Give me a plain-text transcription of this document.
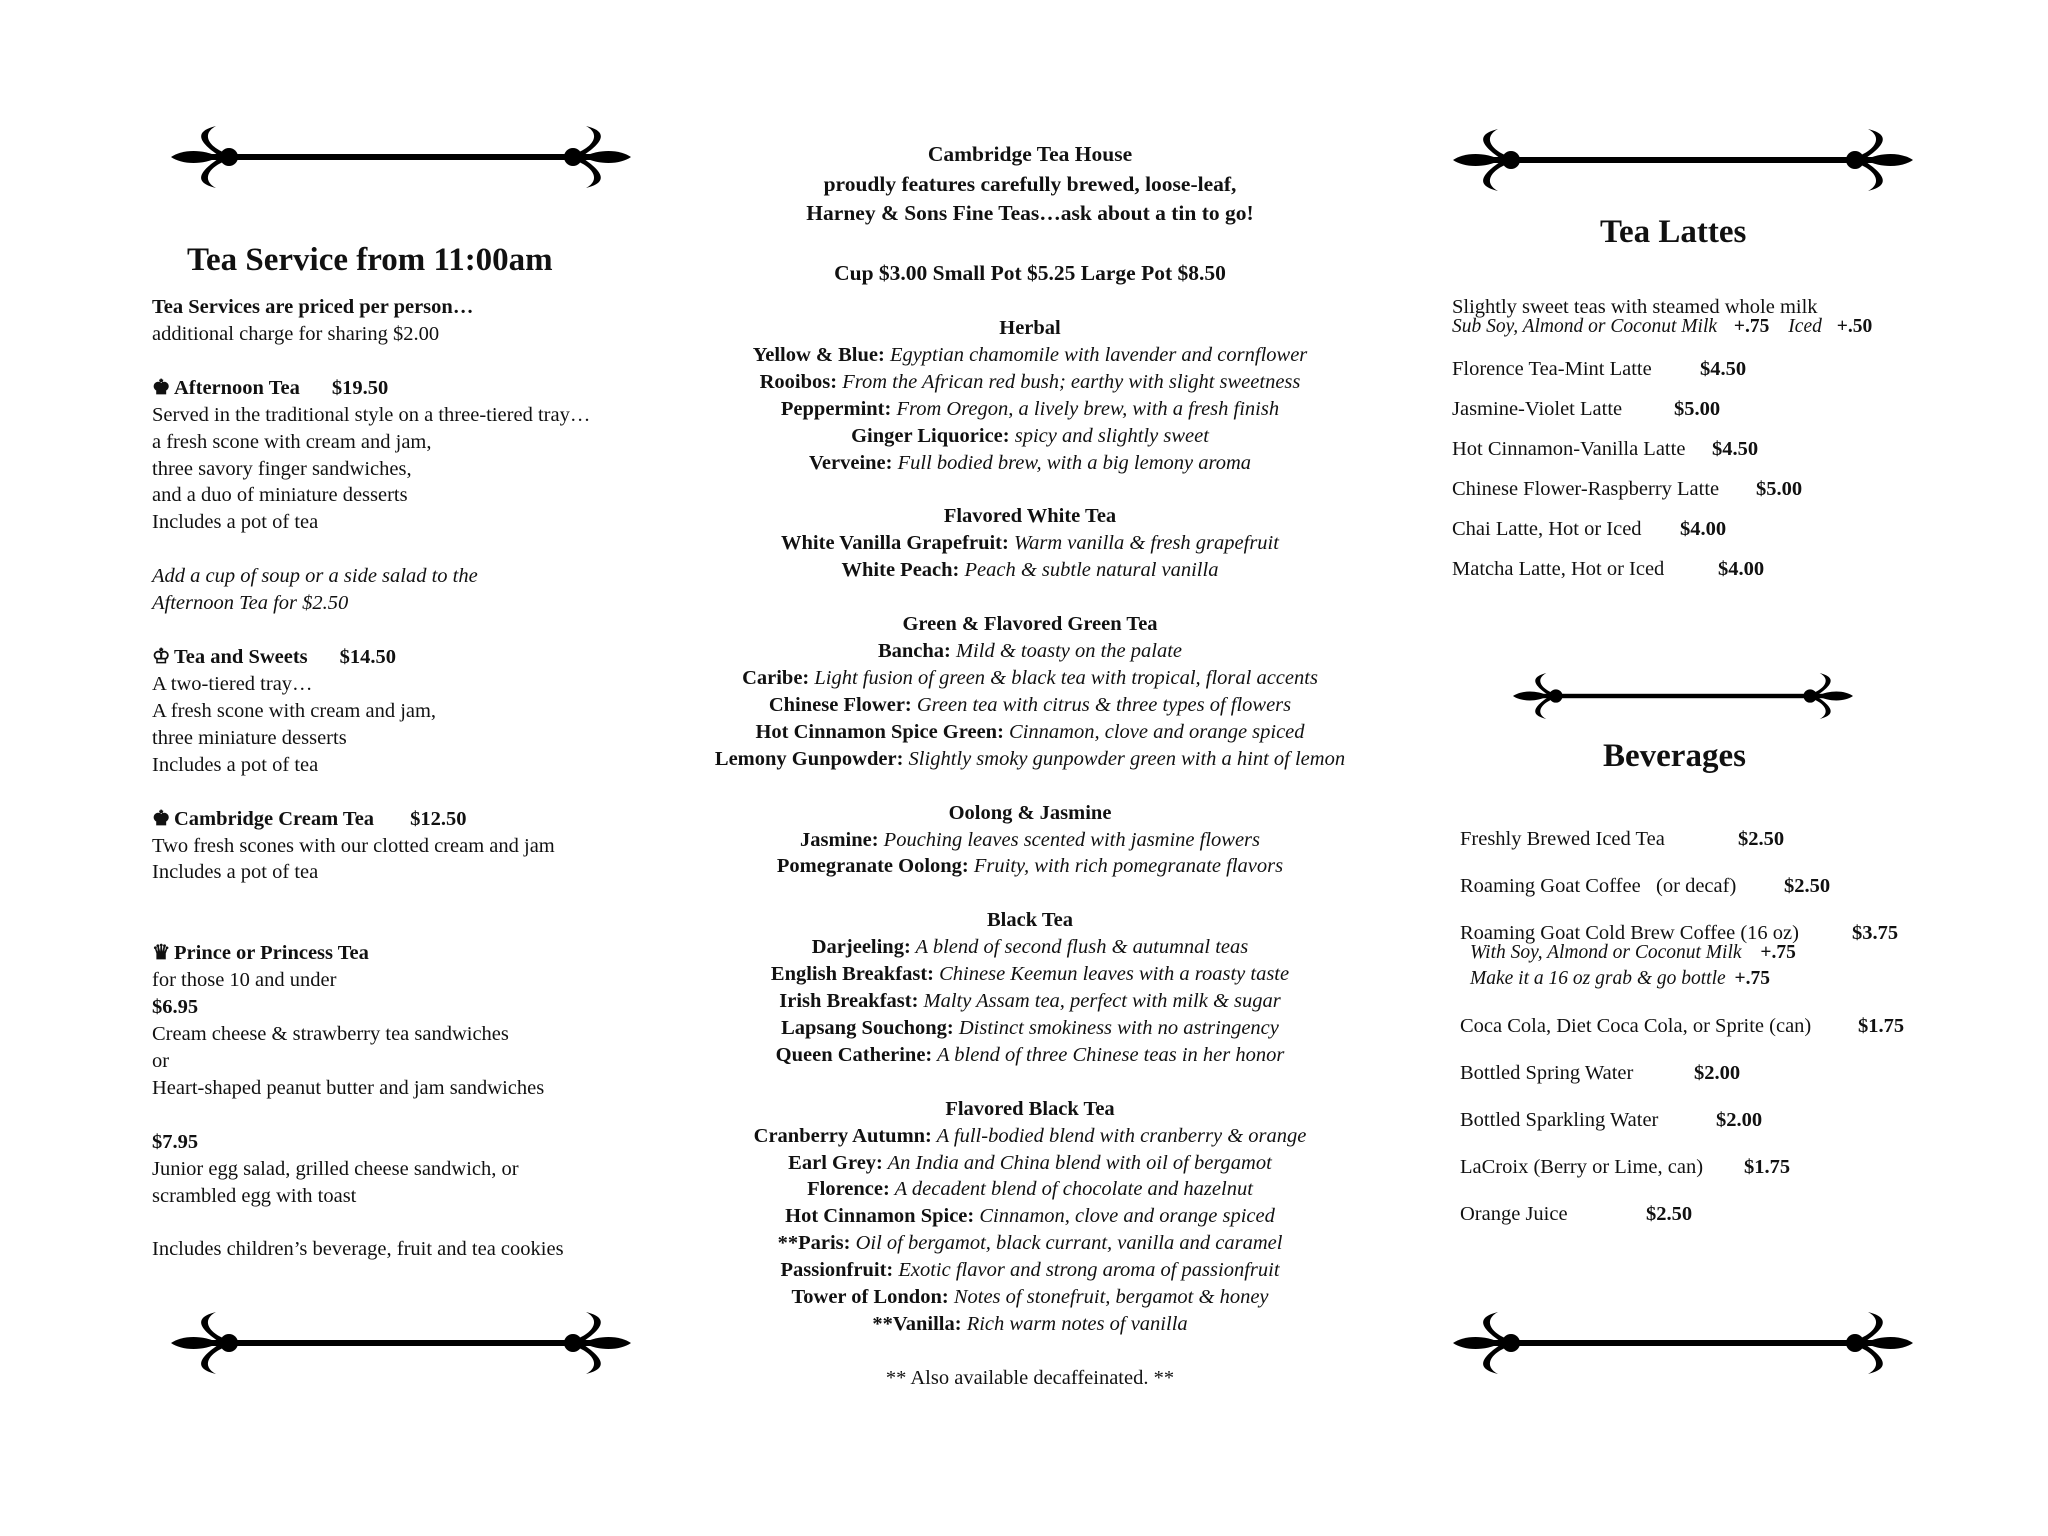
Tea Service from 11:00am
Tea Services are priced per person…
additional charge for sharing $2.00
♚ Afternoon Tea $19.50
Served in the traditional style on a three-tiered tray…
a fresh scone with cream and jam,
three savory finger sandwiches,
and a duo of miniature desserts
Includes a pot of tea
Add a cup of soup or a side salad to the
Afternoon Tea for $2.50
♔ Tea and Sweets $14.50
A two-tiered tray…
A fresh scone with cream and jam,
three miniature desserts
Includes a pot of tea
♚ Cambridge Cream Tea $12.50
Two fresh scones with our clotted cream and jam
Includes a pot of tea
♛ Prince or Princess Tea
for those 10 and under
$6.95
Cream cheese & strawberry tea sandwiches
or
Heart-shaped peanut butter and jam sandwiches
$7.95
Junior egg salad, grilled cheese sandwich, or
scrambled egg with toast
Includes children’s beverage, fruit and tea cookies
Cambridge Tea House
proudly features carefully brewed, loose-leaf,
Harney & Sons Fine Teas…ask about a tin to go!
Cup $3.00 Small Pot $5.25 Large Pot $8.50
Herbal
Yellow & Blue: Egyptian chamomile with lavender and cornflower
Rooibos: From the African red bush; earthy with slight sweetness
Peppermint: From Oregon, a lively brew, with a fresh finish
Ginger Liquorice: spicy and slightly sweet
Verveine: Full bodied brew, with a big lemony aroma
Flavored White Tea
White Vanilla Grapefruit: Warm vanilla & fresh grapefruit
White Peach: Peach & subtle natural vanilla
Green & Flavored Green Tea
Bancha: Mild & toasty on the palate
Caribe: Light fusion of green & black tea with tropical, floral accents
Chinese Flower: Green tea with citrus & three types of flowers
Hot Cinnamon Spice Green: Cinnamon, clove and orange spiced
Lemony Gunpowder: Slightly smoky gunpowder green with a hint of lemon
Oolong & Jasmine
Jasmine: Pouching leaves scented with jasmine flowers
Pomegranate Oolong: Fruity, with rich pomegranate flavors
Black Tea
Darjeeling: A blend of second flush & autumnal teas
English Breakfast: Chinese Keemun leaves with a roasty taste
Irish Breakfast: Malty Assam tea, perfect with milk & sugar
Lapsang Souchong: Distinct smokiness with no astringency
Queen Catherine: A blend of three Chinese teas in her honor
Flavored Black Tea
Cranberry Autumn: A full-bodied blend with cranberry & orange
Earl Grey: An India and China blend with oil of bergamot
Florence: A decadent blend of chocolate and hazelnut
Hot Cinnamon Spice: Cinnamon, clove and orange spiced
**Paris: Oil of bergamot, black currant, vanilla and caramel
Passionfruit: Exotic flavor and strong aroma of passionfruit
Tower of London: Notes of stonefruit, bergamot & honey
**Vanilla: Rich warm notes of vanilla
** Also available decaffeinated. **
Tea Lattes
Slightly sweet teas with steamed whole milk
Sub Soy, Almond or Coconut Milk +.75 Iced +.50
Beverages
With Soy, Almond or Coconut Milk +.75
Make it a 16 oz grab & go bottle +.75
Florence Tea-Mint Latte $4.50
Jasmine-Violet Latte	$5.00
Hot Cinnamon-Vanilla Latte $4.50
Chinese Flower-Raspberry Latte $5.00
Chai Latte, Hot or Iced $4.00
Matcha Latte, Hot or Iced	$4.00
Freshly Brewed Iced Tea	$2.50
Roaming Goat Coffee   (or decaf) $2.50
Roaming Goat Cold Brew Coffee (16 oz)	$3.75
Coca Cola, Diet Coca Cola, or Sprite (can) $1.75
Bottled Spring Water	$2.00
Bottled Sparkling Water	$2.00
LaCroix (Berry or Lime, can) $1.75
Orange Juice	$2.50
